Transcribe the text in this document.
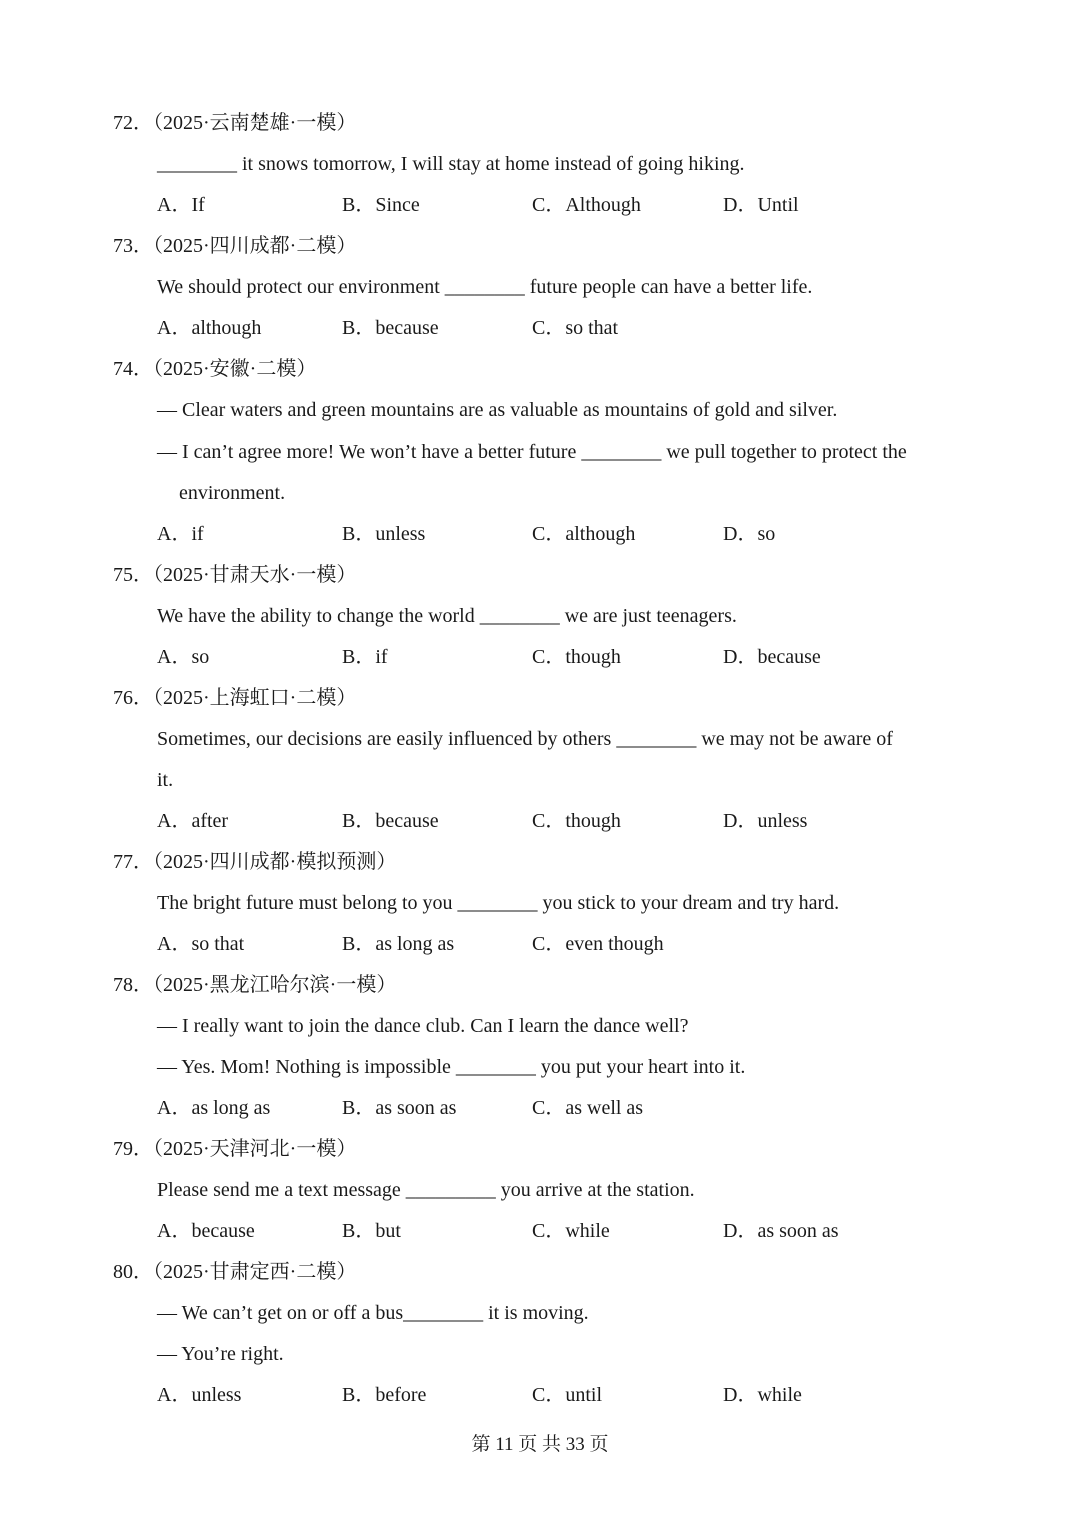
72．（2025·云南楚雄·一模）
________ it snows tomorrow, I will stay at home instead of going hiking.
A．If	B．Since	C．Although	D．Until
73．（2025·四川成都·二模）
We should protect our environment ________ future people can have a better life.
A．although	B．because	C．so that
74．（2025·安徽·二模）
— Clear waters and green mountains are as valuable as mountains of gold and silver.
— I can’t agree more! We won’t have a better future ________ we pull together to protect the
environment.
A．if	B．unless	C．although	D．so
75．（2025·甘肃天水·一模）
We have the ability to change the world ________ we are just teenagers.
A．so	B．if	C．though	D．because
76．（2025·上海虹口·二模）
Sometimes, our decisions are easily influenced by others ________ we may not be aware of
it.
A．after	B．because	C．though	D．unless
77．（2025·四川成都·模拟预测）
The bright future must belong to you ________ you stick to your dream and try hard.
A．so that	B．as long as	C．even though
78．（2025·黑龙江哈尔滨·一模）
— I really want to join the dance club. Can I learn the dance well?
— Yes. Mom! Nothing is impossible ________ you put your heart into it.
A．as long as	B．as soon as	C．as well as
79．（2025·天津河北·一模）
Please send me a text message _________ you arrive at the station.
A．because	B．but	C．while	D．as soon as
80．（2025·甘肃定西·二模）
— We can’t get on or off a bus________ it is moving.
— You’re right.
A．unless	B．before	C．until	D．while
第 11 页 共 33 页
